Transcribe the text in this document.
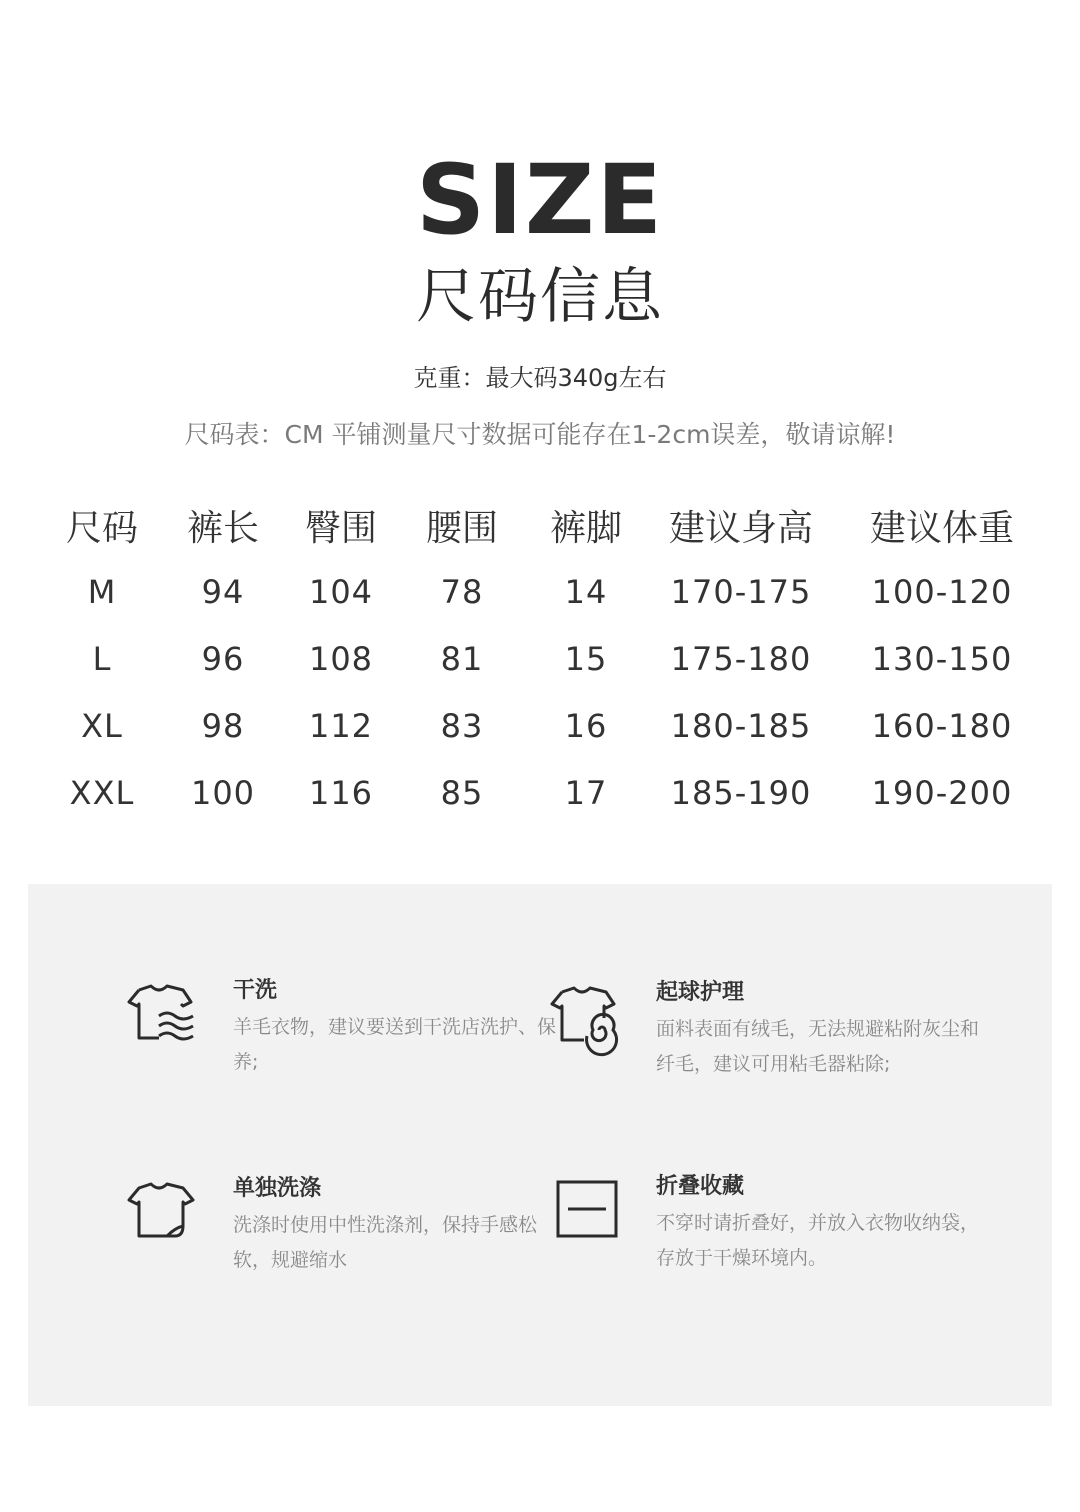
SIZE
尺码信息
克重：最大码340g左右
尺码表：CM 平铺测量尺寸数据可能存在1-2cm误差，敬请谅解!
尺码	裤长	臀围	腰围	裤脚	建议身高	建议体重
M	94	104	78	14	170-175	100-120
L	96	108	81	15	175-180	130-150
XL	98	112	83	16	180-185	160-180
XXL	100	116	85	17	185-190	190-200
干洗
羊毛衣物，建议要送到干洗店洗护、保养;
起球护理
面料表面有绒毛，无法规避粘附灰尘和纤毛，建议可用粘毛器粘除;
单独洗涤
洗涤时使用中性洗涤剂，保持手感松软，规避缩水
折叠收藏
不穿时请折叠好，并放入衣物收纳袋，存放于干燥环境内。
